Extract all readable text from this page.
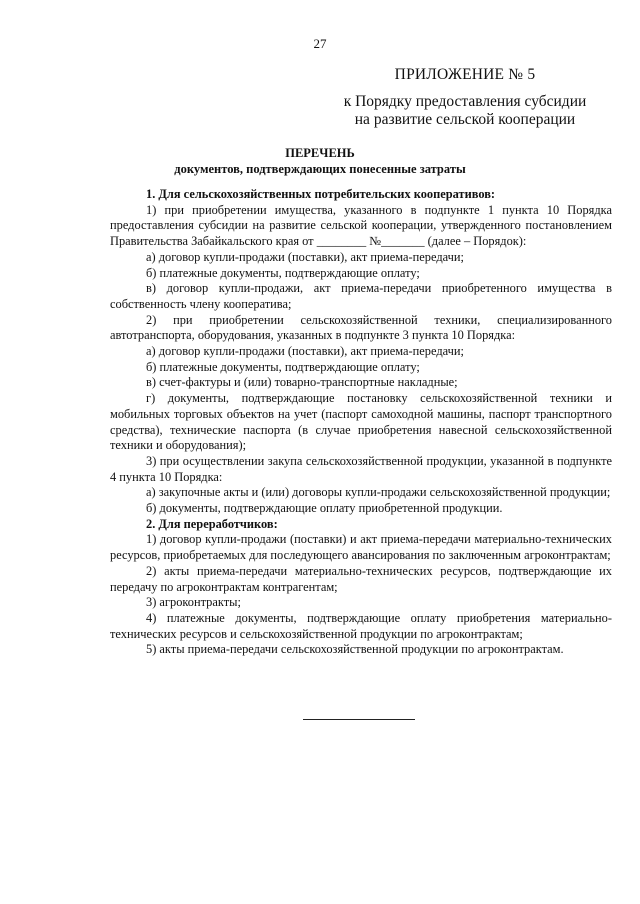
27
ПРИЛОЖЕНИЕ № 5
к Порядку предоставления субсидии
на развитие сельской кооперации
ПЕРЕЧЕНЬ
документов, подтверждающих понесенные затраты

1. Для сельскохозяйственных потребительских кооперативов:

1) при приобретении имущества, указанного в подпункте 1 пункта 10 Порядка предоставления субсидии на развитие сельской кооперации, утвержденного постановлением Правительства Забайкальского края от ________ №_______ (далее – Порядок):

а) договор купли-продажи (поставки), акт приема-передачи;

б) платежные документы, подтверждающие оплату;

в) договор купли-продажи, акт приема-передачи приобретенного имущества в собственность члену кооператива;

2) при приобретении сельскохозяйственной техники, специализированного автотранспорта, оборудования, указанных в подпункте 3 пункта 10 Порядка:

а) договор купли-продажи (поставки), акт приема-передачи;

б) платежные документы, подтверждающие оплату;

в) счет-фактуры и (или) товарно-транспортные накладные;

г) документы, подтверждающие постановку сельскохозяйственной техники и мобильных торговых объектов на учет (паспорт самоходной машины, паспорт транспортного средства), технические паспорта (в случае приобретения навесной сельскохозяйственной техники и оборудования);

3) при осуществлении закупа сельскохозяйственной продукции, указанной в подпункте 4 пункта 10 Порядка:

а) закупочные акты и (или) договоры купли-продажи сельскохозяйственной продукции;

б) документы, подтверждающие оплату приобретенной продукции.

2. Для переработчиков:

1) договор купли-продажи (поставки) и акт приема-передачи материально-технических ресурсов, приобретаемых для последующего авансирования по заключенным агроконтрактам;

2) акты приема-передачи материально-технических ресурсов, подтверждающие их передачу по агроконтрактам контрагентам;

3) агроконтракты;

4) платежные документы, подтверждающие оплату приобретения материально-технических ресурсов и сельскохозяйственной продукции по агроконтрактам;

5) акты приема-передачи сельскохозяйственной продукции по агроконтрактам.
